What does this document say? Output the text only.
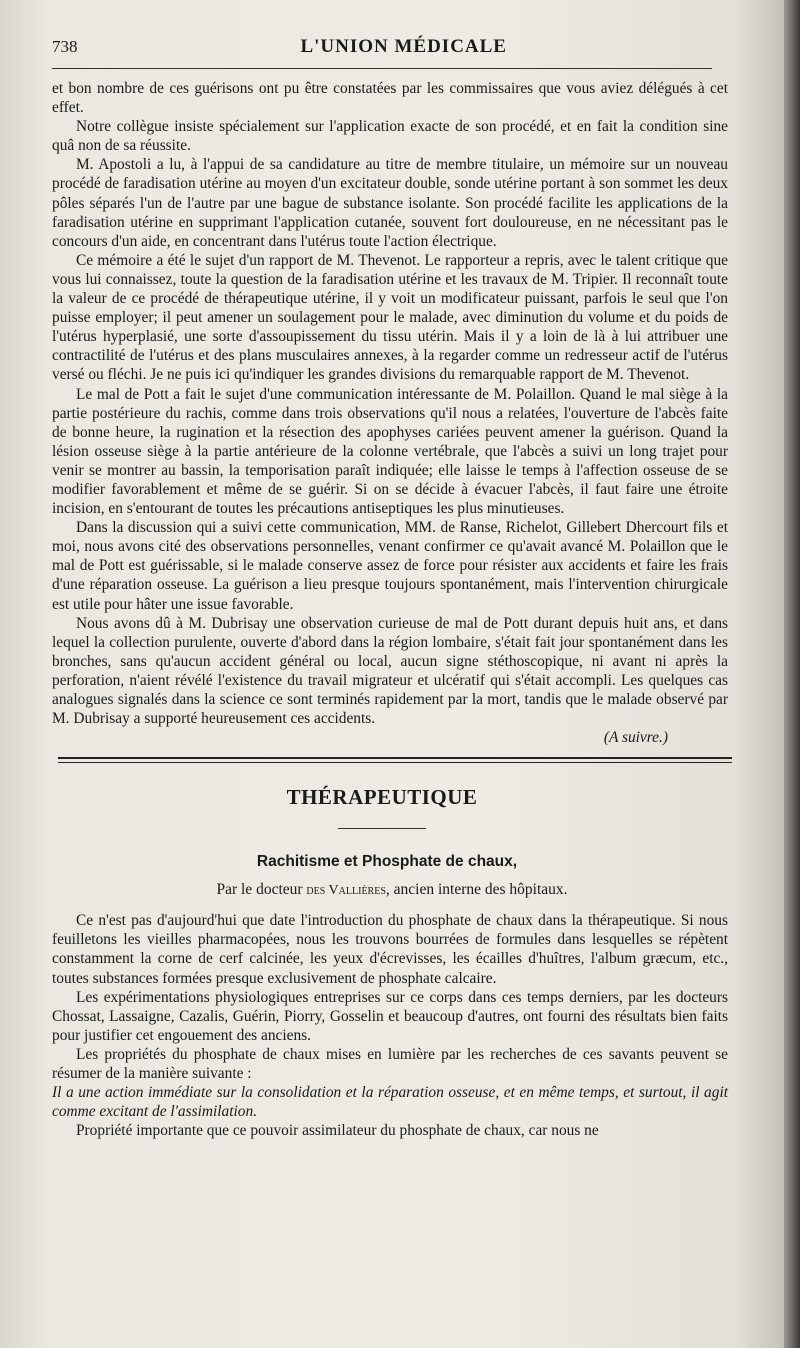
738	L'UNION MÉDICALE

et bon nombre de ces guérisons ont pu être constatées par les commissaires que vous aviez délégués à cet effet.

Notre collègue insiste spécialement sur l'application exacte de son procédé, et en fait la condition sine quâ non de sa réussite.

M. Apostoli a lu, à l'appui de sa candidature au titre de membre titulaire, un mémoire sur un nouveau procédé de faradisation utérine au moyen d'un excitateur double, sonde utérine portant à son sommet les deux pôles séparés l'un de l'autre par une bague de substance isolante. Son procédé facilite les applications de la faradisation utérine en supprimant l'application cutanée, souvent fort douloureuse, en ne nécessitant pas le concours d'un aide, en concentrant dans l'utérus toute l'action électrique.

Ce mémoire a été le sujet d'un rapport de M. Thevenot. Le rapporteur a repris, avec le talent critique que vous lui connaissez, toute la question de la faradisation utérine et les travaux de M. Tripier. Il reconnaît toute la valeur de ce procédé de thérapeutique utérine, il y voit un modificateur puissant, parfois le seul que l'on puisse employer; il peut amener un soulagement pour le malade, avec diminution du volume et du poids de l'utérus hyperplasié, une sorte d'assoupissement du tissu utérin. Mais il y a loin de là à lui attribuer une contractilité de l'utérus et des plans musculaires annexes, à la regarder comme un redresseur actif de l'utérus versé ou fléchi. Je ne puis ici qu'indiquer les grandes divisions du remarquable rapport de M. Thevenot.

Le mal de Pott a fait le sujet d'une communication intéressante de M. Polaillon. Quand le mal siège à la partie postérieure du rachis, comme dans trois observations qu'il nous a relatées, l'ouverture de l'abcès faite de bonne heure, la rugination et la résection des apophyses cariées peuvent amener la guérison. Quand la lésion osseuse siège à la partie antérieure de la colonne vertébrale, que l'abcès a suivi un long trajet pour venir se montrer au bassin, la temporisation paraît indiquée; elle laisse le temps à l'affection osseuse de se modifier favorablement et même de se guérir. Si on se décide à évacuer l'abcès, il faut faire une étroite incision, en s'entourant de toutes les précautions antiseptiques les plus minutieuses.

Dans la discussion qui a suivi cette communication, MM. de Ranse, Richelot, Gillebert Dhercourt fils et moi, nous avons cité des observations personnelles, venant confirmer ce qu'avait avancé M. Polaillon que le mal de Pott est guérissable, si le malade conserve assez de force pour résister aux accidents et faire les frais d'une réparation osseuse. La guérison a lieu presque toujours spontanément, mais l'intervention chirurgicale est utile pour hâter une issue favorable.

Nous avons dû à M. Dubrisay une observation curieuse de mal de Pott durant depuis huit ans, et dans lequel la collection purulente, ouverte d'abord dans la région lombaire, s'était fait jour spontanément dans les bronches, sans qu'aucun accident général ou local, aucun signe stéthoscopique, ni avant ni après la perforation, n'aient révélé l'existence du travail migrateur et ulcératif qui s'était accompli. Les quelques cas analogues signalés dans la science ce sont terminés rapidement par la mort, tandis que le malade observé par M. Dubrisay a supporté heureusement ces accidents.

(A suivre.)
THÉRAPEUTIQUE
Rachitisme et Phosphate de chaux,
Par le docteur des Vallières, ancien interne des hôpitaux.

Ce n'est pas d'aujourd'hui que date l'introduction du phosphate de chaux dans la thérapeutique. Si nous feuilletons les vieilles pharmacopées, nous les trouvons bourrées de formules dans lesquelles se répètent constamment la corne de cerf calcinée, les yeux d'écrevisses, les écailles d'huîtres, l'album græcum, etc., toutes substances formées presque exclusivement de phosphate calcaire.

Les expérimentations physiologiques entreprises sur ce corps dans ces temps derniers, par les docteurs Chossat, Lassaigne, Cazalis, Guérin, Piorry, Gosselin et beaucoup d'autres, ont fourni des résultats bien faits pour justifier cet engouement des anciens.

Les propriétés du phosphate de chaux mises en lumière par les recherches de ces savants peuvent se résumer de la manière suivante :

Il a une action immédiate sur la consolidation et la réparation osseuse, et en même temps, et surtout, il agit comme excitant de l'assimilation.

Propriété importante que ce pouvoir assimilateur du phosphate de chaux, car nous ne
